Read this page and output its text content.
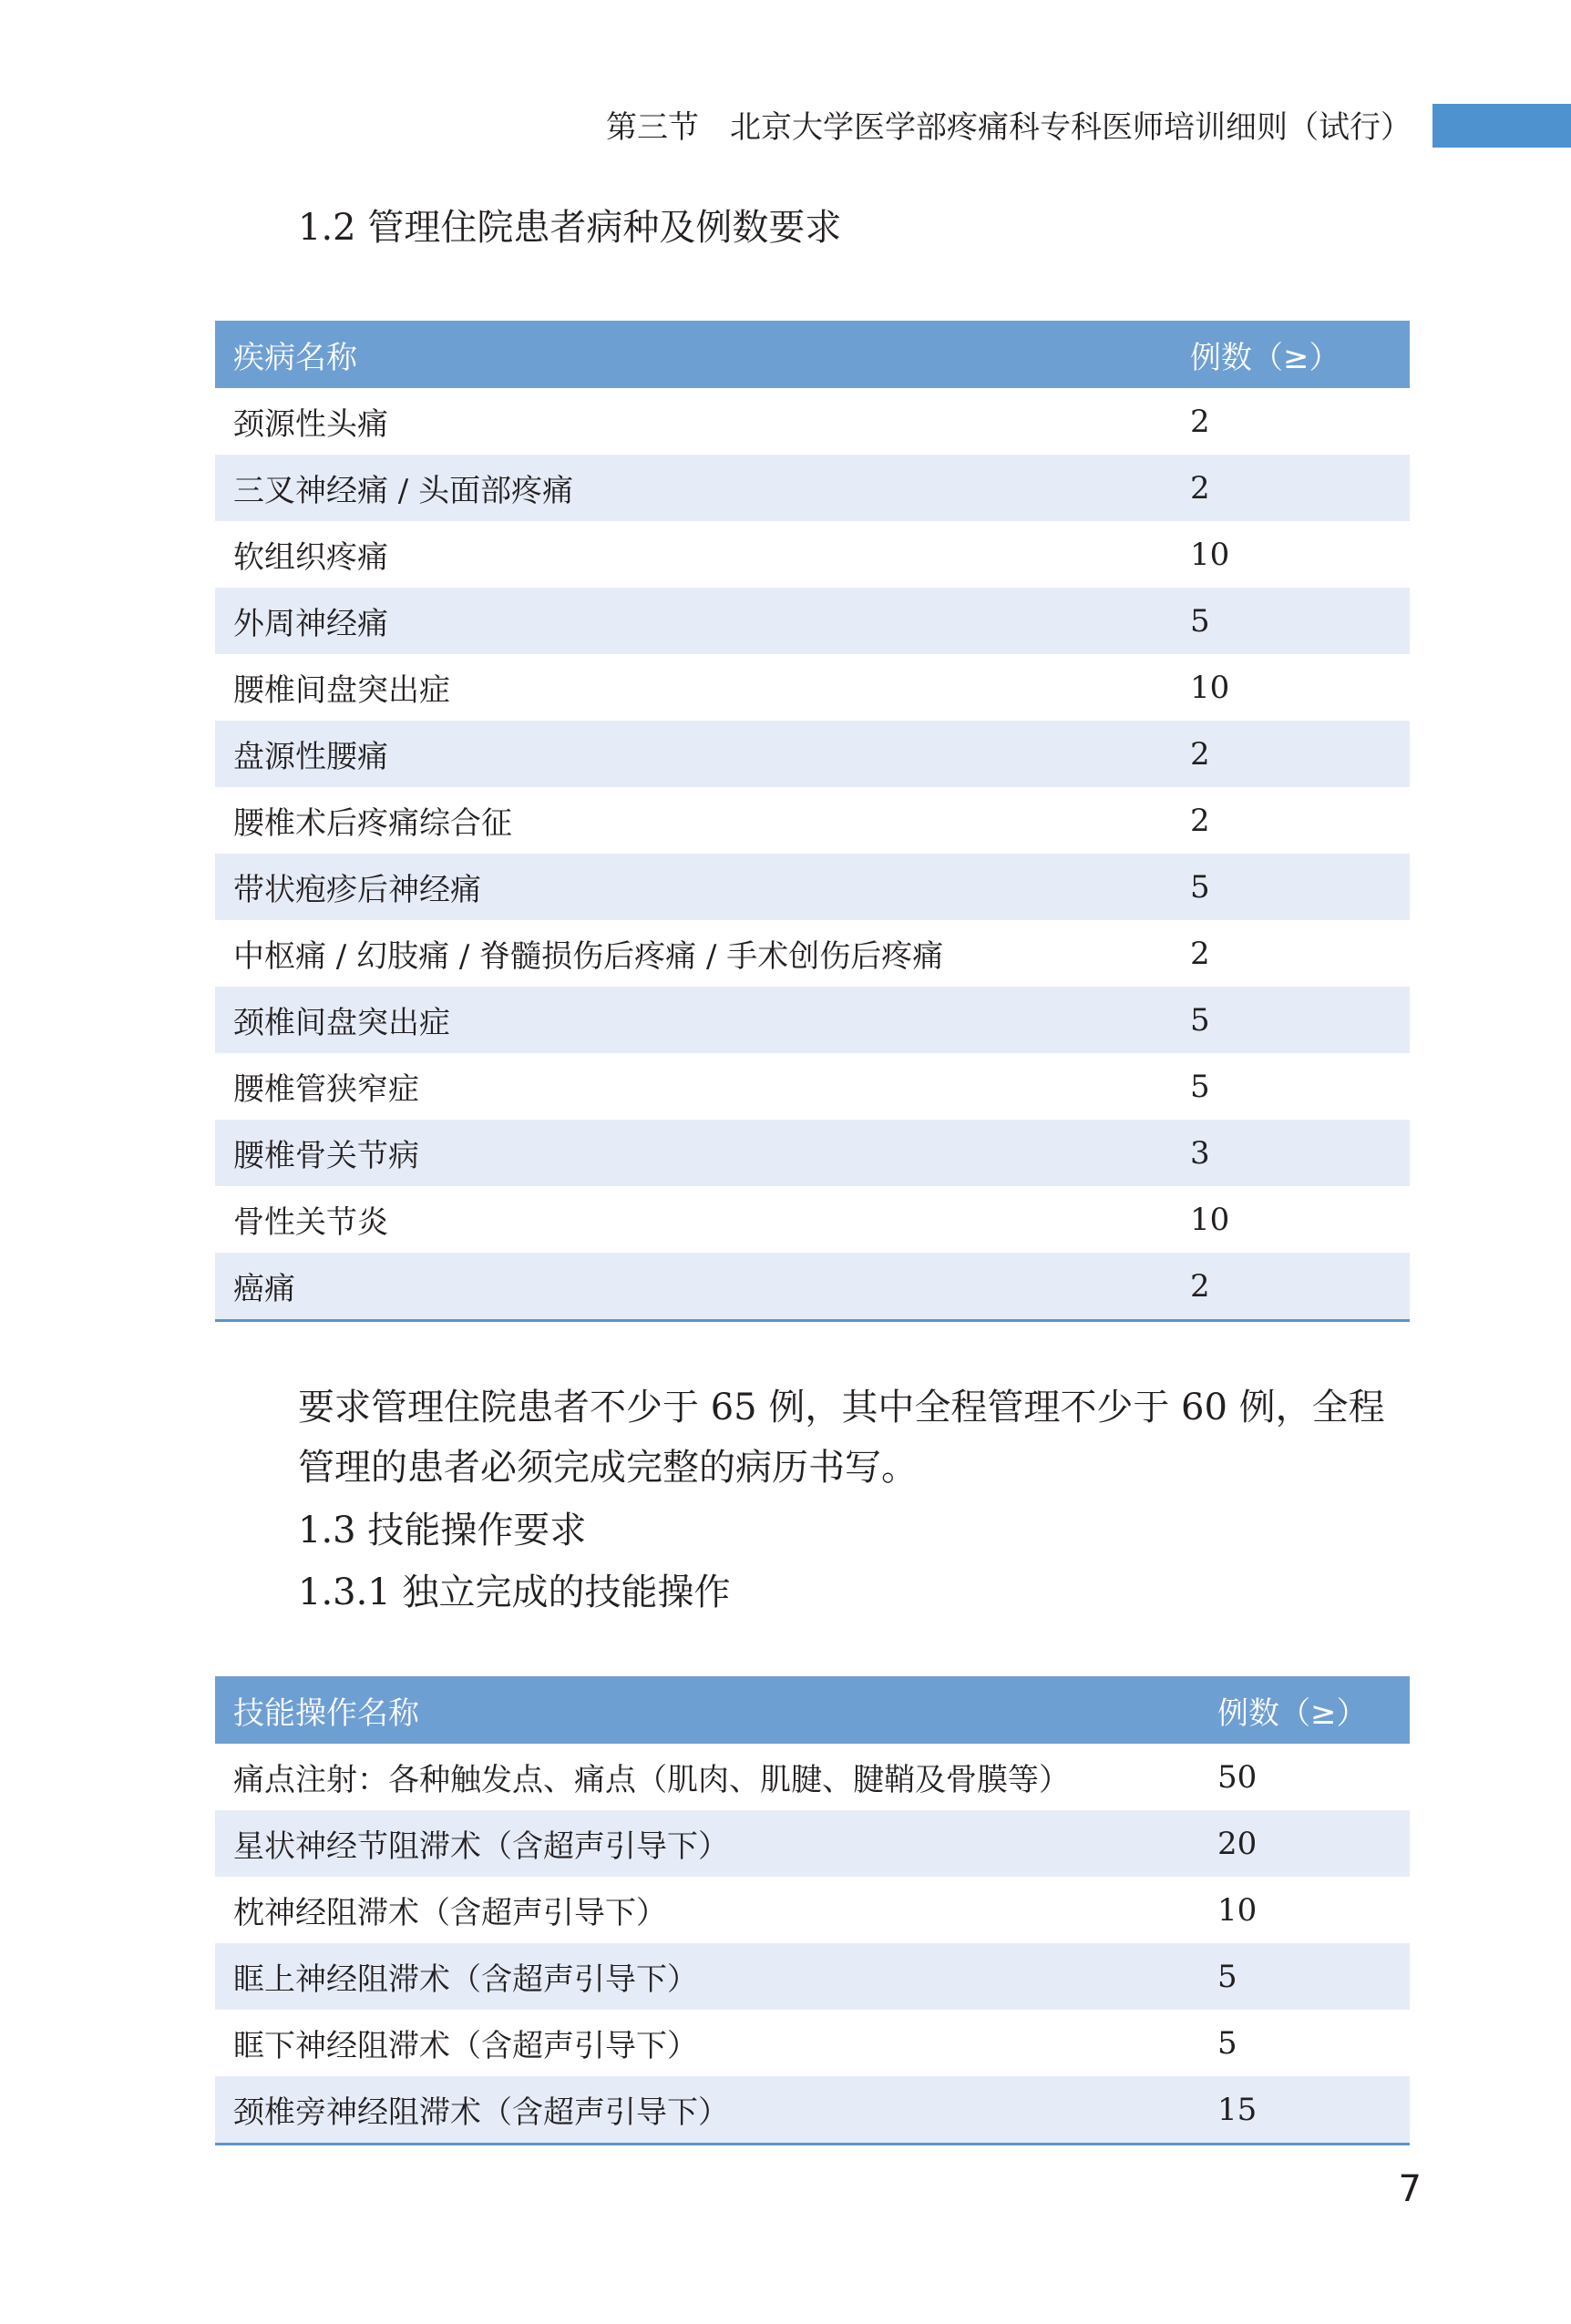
第三节　北京大学医学部疼痛科专科医师培训细则（试行）
1.2 管理住院患者病种及例数要求
疾病名称	例数（≥）
颈源性头痛	2
三叉神经痛 / 头面部疼痛	2
软组织疼痛	10
外周神经痛	5
腰椎间盘突出症	10
盘源性腰痛	2
腰椎术后疼痛综合征	2
带状疱疹后神经痛	5
中枢痛 / 幻肢痛 / 脊髓损伤后疼痛 / 手术创伤后疼痛	2
颈椎间盘突出症	5
腰椎管狭窄症	5
腰椎骨关节病	3
骨性关节炎	10
癌痛	2
要求管理住院患者不少于 65 例，其中全程管理不少于 60 例，全程管理的患者必须完成完整的病历书写。
1.3 技能操作要求
1.3.1 独立完成的技能操作
技能操作名称	例数（≥）
痛点注射：各种触发点、痛点（肌肉、肌腱、腱鞘及骨膜等）	50
星状神经节阻滞术（含超声引导下）	20
枕神经阻滞术（含超声引导下）	10
眶上神经阻滞术（含超声引导下）	5
眶下神经阻滞术（含超声引导下）	5
颈椎旁神经阻滞术（含超声引导下）	15
7
